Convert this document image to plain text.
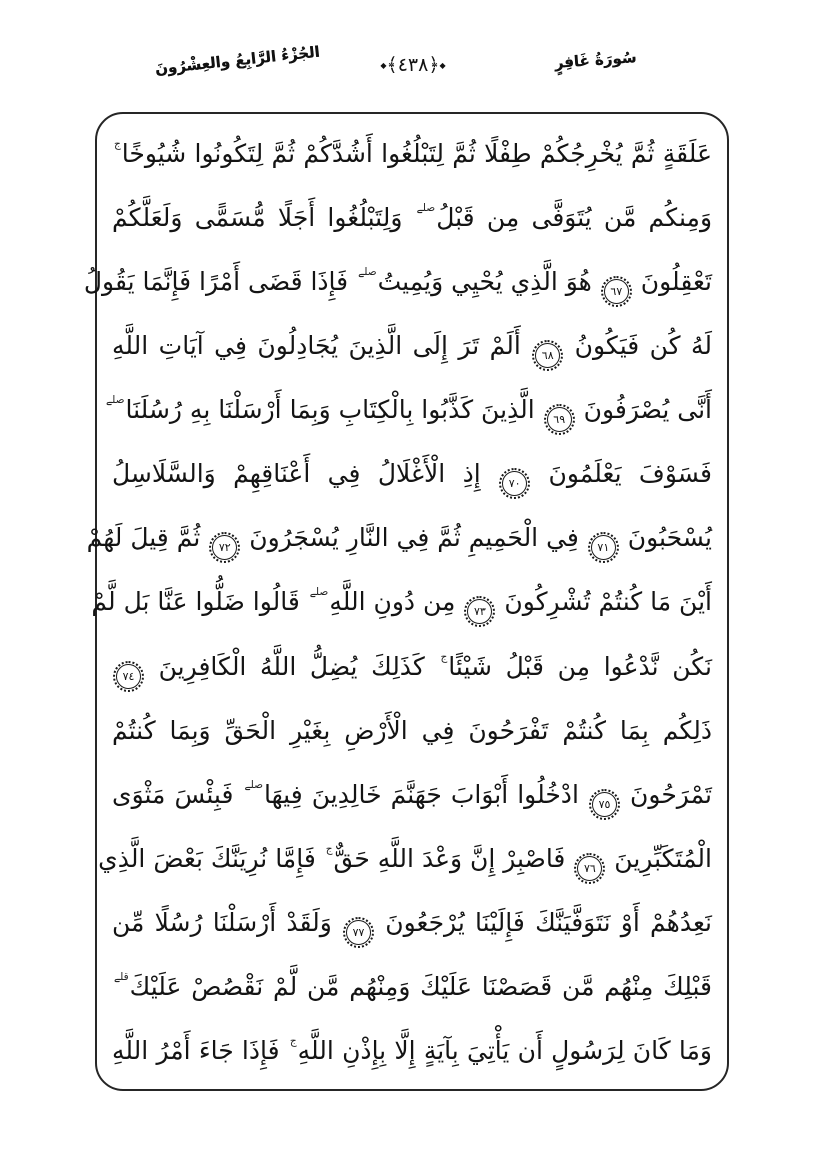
الجُزْءُ الرَّابِعُ والعِشْرُونَ	◆﴿٤٣٨﴾◆	سُورَةُ غَافِرٍ
عَلَقَةٍ ثُمَّ يُخْرِجُكُمْ طِفْلًا ثُمَّ لِتَبْلُغُوا أَشُدَّكُمْ ثُمَّ لِتَكُونُوا شُيُوخًاج
وَمِنكُم مَّن يُتَوَفَّى مِن قَبْلُصلے وَلِتَبْلُغُوا أَجَلًا مُّسَمًّى وَلَعَلَّكُمْ
تَعْقِلُونَ ٦٧ هُوَ الَّذِي يُحْيِي وَيُمِيتُصلے فَإِذَا قَضَى أَمْرًا فَإِنَّمَا يَقُولُ
لَهُ كُن فَيَكُونُ ٦٨ أَلَمْ تَرَ إِلَى الَّذِينَ يُجَادِلُونَ فِي آيَاتِ اللَّهِ
أَنَّى يُصْرَفُونَ ٦٩ الَّذِينَ كَذَّبُوا بِالْكِتَابِ وَبِمَا أَرْسَلْنَا بِهِ رُسُلَنَاصلے
فَسَوْفَ يَعْلَمُونَ ٧٠ إِذِ الْأَغْلَالُ فِي أَعْنَاقِهِمْ وَالسَّلَاسِلُ
يُسْحَبُونَ ٧١ فِي الْحَمِيمِ ثُمَّ فِي النَّارِ يُسْجَرُونَ ٧٢ ثُمَّ قِيلَ لَهُمْ
أَيْنَ مَا كُنتُمْ تُشْرِكُونَ ٧٣ مِن دُونِ اللَّهِصلے قَالُوا ضَلُّوا عَنَّا بَل لَّمْ
نَكُن نَّدْعُوا مِن قَبْلُ شَيْئًاج كَذَلِكَ يُضِلُّ اللَّهُ الْكَافِرِينَ ٧٤
ذَلِكُم بِمَا كُنتُمْ تَفْرَحُونَ فِي الْأَرْضِ بِغَيْرِ الْحَقِّ وَبِمَا كُنتُمْ
تَمْرَحُونَ ٧٥ ادْخُلُوا أَبْوَابَ جَهَنَّمَ خَالِدِينَ فِيهَاصلے فَبِئْسَ مَثْوَى
الْمُتَكَبِّرِينَ ٧٦ فَاصْبِرْ إِنَّ وَعْدَ اللَّهِ حَقٌّج فَإِمَّا نُرِيَنَّكَ بَعْضَ الَّذِي
نَعِدُهُمْ أَوْ نَتَوَفَّيَنَّكَ فَإِلَيْنَا يُرْجَعُونَ ٧٧ وَلَقَدْ أَرْسَلْنَا رُسُلًا مِّن
قَبْلِكَ مِنْهُم مَّن قَصَصْنَا عَلَيْكَ وَمِنْهُم مَّن لَّمْ نَقْصُصْ عَلَيْكَقلے
وَمَا كَانَ لِرَسُولٍ أَن يَأْتِيَ بِآيَةٍ إِلَّا بِإِذْنِ اللَّهِج فَإِذَا جَاءَ أَمْرُ اللَّهِ
